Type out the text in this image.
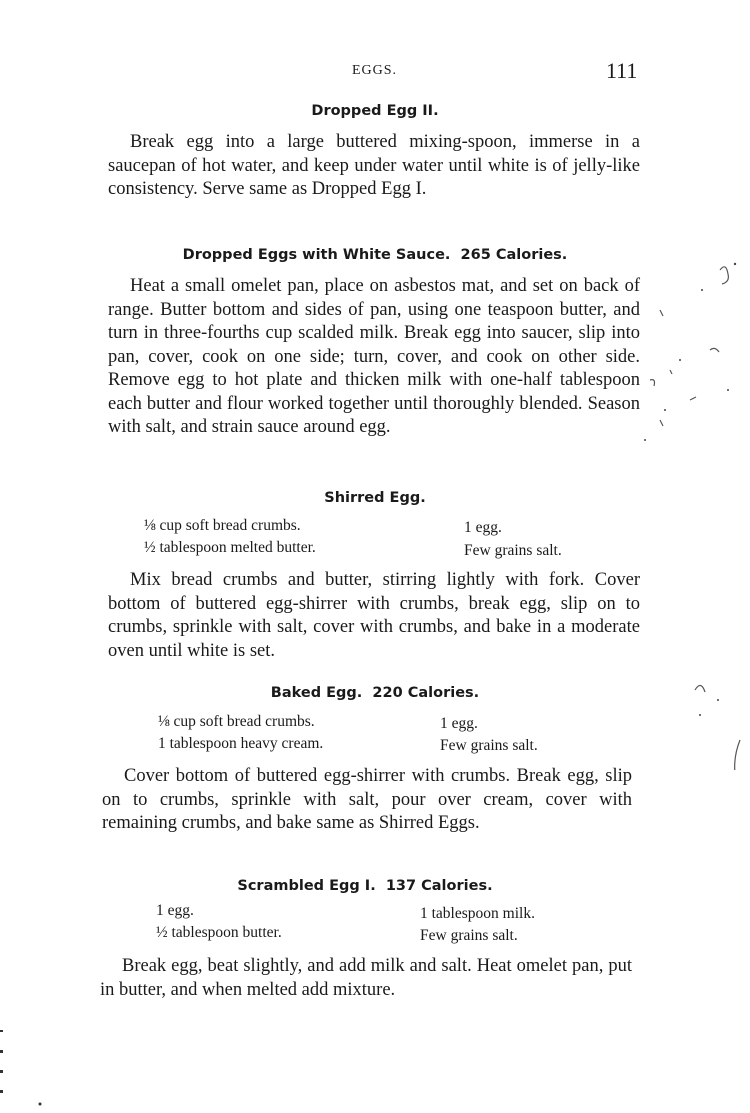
EGGS.	111
Dropped Egg II.
Break egg into a large buttered mixing-spoon, immerse in a saucepan of hot water, and keep under water until white is of jelly-like consistency. Serve same as Dropped Egg I.
Dropped Eggs with White Sauce. 265 Calories.
Heat a small omelet pan, place on asbestos mat, and set on back of range. Butter bottom and sides of pan, using one teaspoon butter, and turn in three-fourths cup scalded milk. Break egg into saucer, slip into pan, cover, cook on one side; turn, cover, and cook on other side. Remove egg to hot plate and thicken milk with one-half tablespoon each butter and flour worked together until thoroughly blended. Season with salt, and strain sauce around egg.
Shirred Egg.
⅛ cup soft bread crumbs.
½ tablespoon melted butter.
1 egg.
Few grains salt.
Mix bread crumbs and butter, stirring lightly with fork. Cover bottom of buttered egg-shirrer with crumbs, break egg, slip on to crumbs, sprinkle with salt, cover with crumbs, and bake in a moderate oven until white is set.
Baked Egg. 220 Calories.
⅛ cup soft bread crumbs.
1 tablespoon heavy cream.
1 egg.
Few grains salt.
Cover bottom of buttered egg-shirrer with crumbs. Break egg, slip on to crumbs, sprinkle with salt, pour over cream, cover with remaining crumbs, and bake same as Shirred Eggs.
Scrambled Egg I. 137 Calories.
1 egg.
½ tablespoon butter.
1 tablespoon milk.
Few grains salt.
Break egg, beat slightly, and add milk and salt. Heat omelet pan, put in butter, and when melted add mixture.
